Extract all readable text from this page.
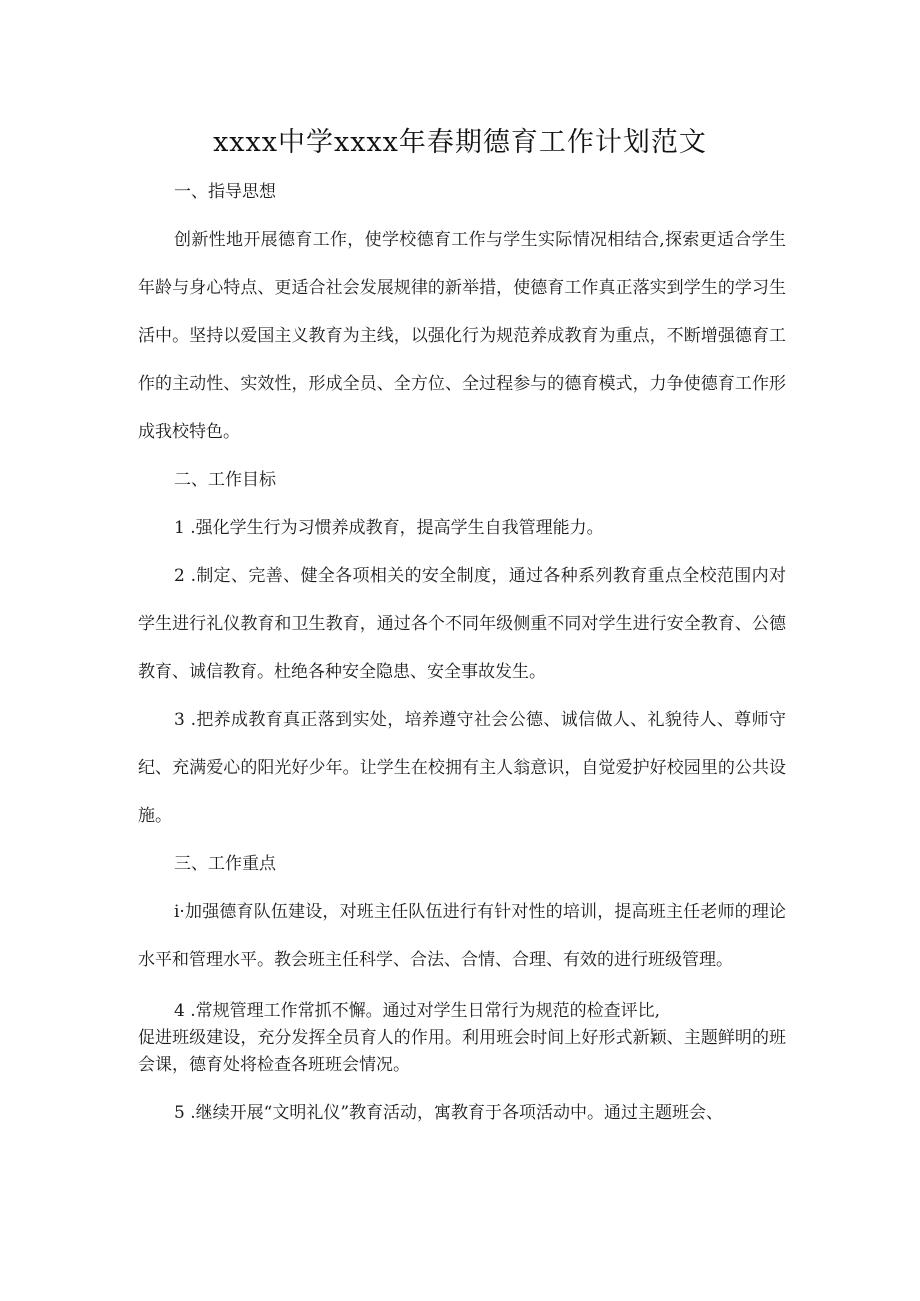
xxxx中学xxxx年春期德育工作计划范文

一、指导思想

创新性地开展德育工作，使学校德育工作与学生实际情况相结合,探索更适合学生年龄与身心特点、更适合社会发展规律的新举措，使德育工作真正落实到学生的学习生活中。坚持以爱国主义教育为主线，以强化行为规范养成教育为重点，不断增强德育工作的主动性、实效性，形成全员、全方位、全过程参与的德育模式，力争使德育工作形成我校特色。

二、工作目标

1 .强化学生行为习惯养成教育，提高学生自我管理能力。

2 .制定、完善、健全各项相关的安全制度，通过各种系列教育重点全校范围内对学生进行礼仪教育和卫生教育，通过各个不同年级侧重不同对学生进行安全教育、公德教育、诚信教育。杜绝各种安全隐患、安全事故发生。

3 .把养成教育真正落到实处，培养遵守社会公德、诚信做人、礼貌待人、尊师守纪、充满爱心的阳光好少年。让学生在校拥有主人翁意识，自觉爱护好校园里的公共设施。

三、工作重点

i·加强德育队伍建设，对班主任队伍进行有针对性的培训，提高班主任老师的理论水平和管理水平。教会班主任科学、合法、合情、合理、有效的进行班级管理。

4 .常规管理工作常抓不懈。通过对学生日常行为规范的检查评比,
促进班级建设，充分发挥全员育人的作用。利用班会时间上好形式新颖、主题鲜明的班会课，德育处将检查各班班会情况。

5 .继续开展“文明礼仪”教育活动，寓教育于各项活动中。通过主题班会、
